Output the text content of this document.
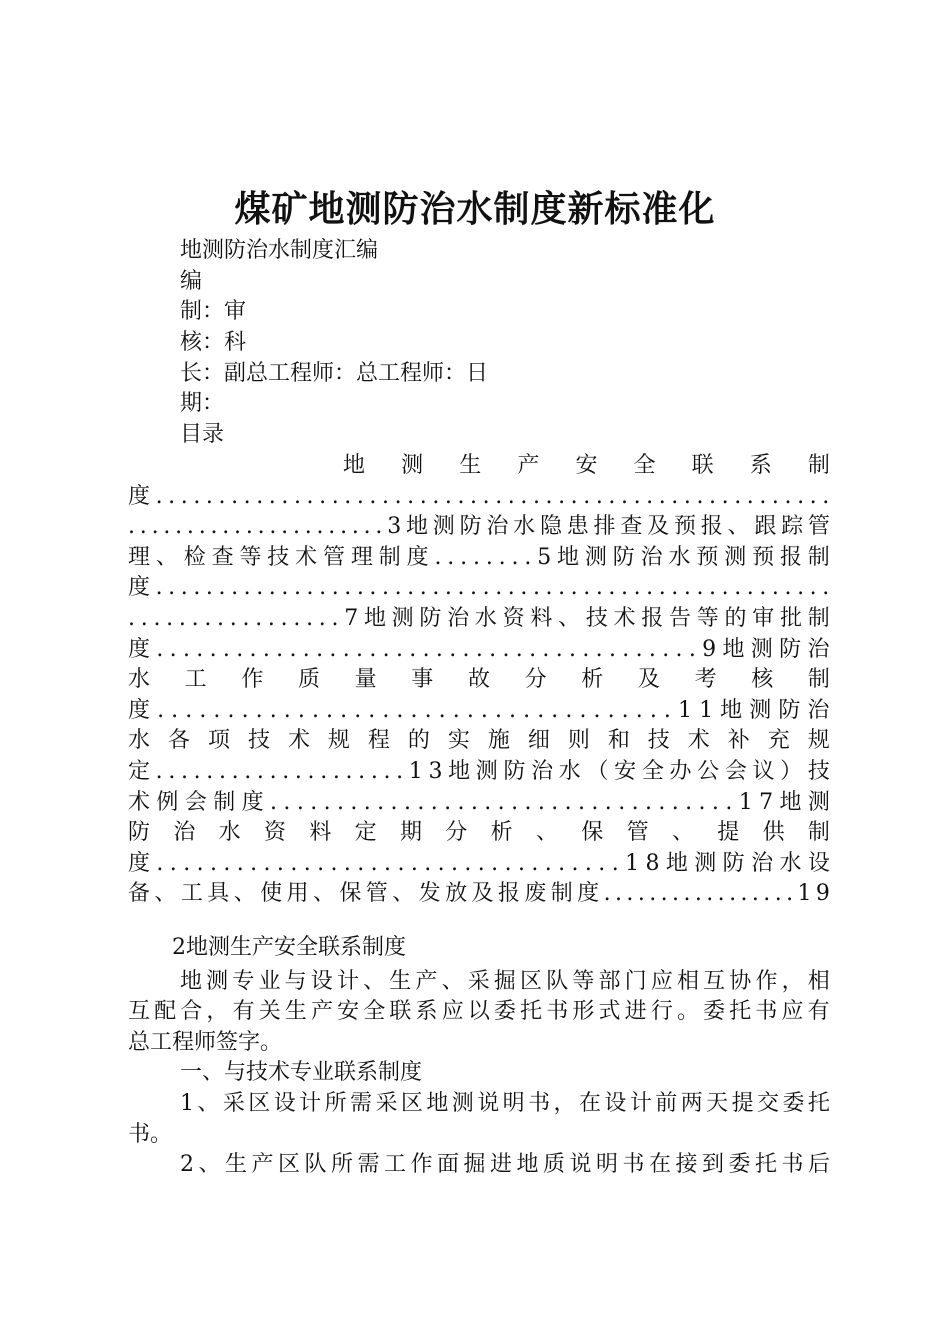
煤矿地测防治水制度新标准化
地测防治水制度汇编
编
制：审
核：科
长：副总工程师：总工程师：日
期：
目录
地 测 生 产 安 全 联 系 制
度 . . . . . . . . . . . . . . . . . . . . . . . . . . . . . . . . . . . . . . . . . . . . . . . . . . . . . .
. . . . . . . . . . . . . . . . . . . . . . 3 地 测 防 治 水 隐 患 排 查 及 预 报 、 跟 踪 管
理 、 检 查 等 技 术 管 理 制 度 . . . . . . . . 5 地 测 防 治 水 预 测 预 报 制
度 . . . . . . . . . . . . . . . . . . . . . . . . . . . . . . . . . . . . . . . . . . . . . . . . . . . . . .
. . . . . . . . . . . . . . . . . 7 地 测 防 治 水 资 料 、 技 术 报 告 等 的 审 批 制
度 . . . . . . . . . . . . . . . . . . . . . . . . . . . . . . . . . . . . . . . . . 9 地 测 防 治
水 工 作 质 量 事 故 分 析 及 考 核 制
度 . . . . . . . . . . . . . . . . . . . . . . . . . . . . . . . . . . . . . 1 1 地 测 防 治
水 各 项 技 术 规 程 的 实 施 细 则 和 技 术 补 充 规
定 . . . . . . . . . . . . . . . . . . . . 1 3 地 测 防 治 水 （ 安 全 办 公 会 议 ） 技
术 例 会 制 度 . . . . . . . . . . . . . . . . . . . . . . . . . . . . . . . . . . . 1 7 地 测
防 治 水 资 料 定 期 分 析 、 保 管 、 提 供 制
度 . . . . . . . . . . . . . . . . . . . . . . . . . . . . . . . . . . . 1 8 地 测 防 治 水 设
备 、 工 具 、 使 用 、 保 管 、 发 放 及 报 废 制 度 . . . . . . . . . . . . . . . . . 1 9
2地测生产安全联系制度
地 测 专 业 与 设 计 、 生 产 、 采 掘 区 队 等 部 门 应 相 互 协 作 ， 相
互 配 合 ， 有 关 生 产 安 全 联 系 应 以 委 托 书 形 式 进 行 。 委 托 书 应 有
总工程师签字。
一、与技术专业联系制度
1 、 采 区 设 计 所 需 采 区 地 测 说 明 书 ， 在 设 计 前 两 天 提 交 委 托
书。
2 、 生 产 区 队 所 需 工 作 面 掘 进 地 质 说 明 书 在 接 到 委 托 书 后
